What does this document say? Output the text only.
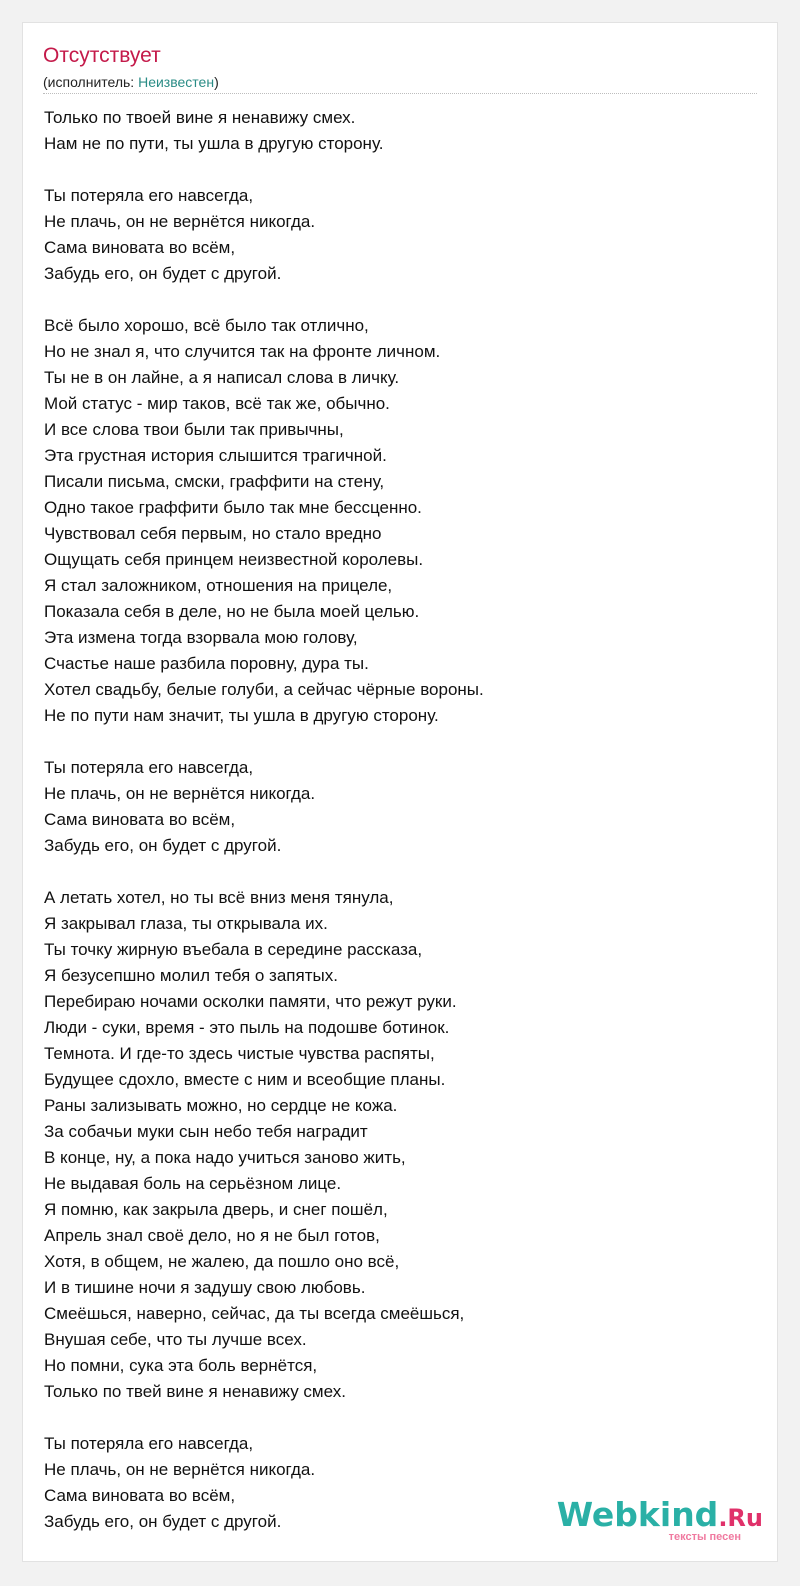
Отсутствует
(исполнитель: Неизвестен)
Только по твоей вине я ненавижу смех.
Нам не по пути, ты ушла в другую сторону.
Ты потеряла его навсегда,
Не плачь, он не вернётся никогда.
Сама виновата во всём,
Забудь его, он будет с другой.
Всё было хорошо, всё было так отлично,
Но не знал я, что случится так на фронте личном.
Ты не в он лайне, а я написал слова в личку.
Мой статус - мир таков, всё так же, обычно.
И все слова твои были так привычны,
Эта грустная история слышится трагичной.
Писали письма, смски, граффити на стену,
Одно такое граффити было так мне бессценно.
Чувствовал себя первым, но стало вредно
Ощущать себя принцем неизвестной королевы.
Я стал заложником, отношения на прицеле,
Показала себя в деле, но не была моей целью.
Эта измена тогда взорвала мою голову,
Счастье наше разбила поровну, дура ты.
Хотел свадьбу, белые голуби, а сейчас чёрные вороны.
Не по пути нам значит, ты ушла в другую сторону.
Ты потеряла его навсегда,
Не плачь, он не вернётся никогда.
Сама виновата во всём,
Забудь его, он будет с другой.
А летать хотел, но ты всё вниз меня тянула,
Я закрывал глаза, ты открывала их.
Ты точку жирную въебала в середине рассказа,
Я безусепшно молил тебя о запятых.
Перебираю ночами осколки памяти, что режут руки.
Люди - суки, время - это пыль на подошве ботинок.
Темнота. И где-то здесь чистые чувства распяты,
Будущее сдохло, вместе с ним и всеобщие планы.
Раны зализывать можно, но сердце не кожа.
За собачьи муки сын небо тебя наградит
В конце, ну, а пока надо учиться заново жить,
Не выдавая боль на серьёзном лице.
Я помню, как закрыла дверь, и снег пошёл,
Апрель знал своё дело, но я не был готов,
Хотя, в общем, не жалею, да пошло оно всё,
И в тишине ночи я задушу свою любовь.
Смеёшься, наверно, сейчас, да ты всегда смеёшься,
Внушая себе, что ты лучше всех.
Но помни, сука эта боль вернётся,
Только по твей вине я ненавижу смех.
Ты потеряла его навсегда,
Не плачь, он не вернётся никогда.
Сама виновата во всём,
Забудь его, он будет с другой.	Webkind.Ru
тексты песен
